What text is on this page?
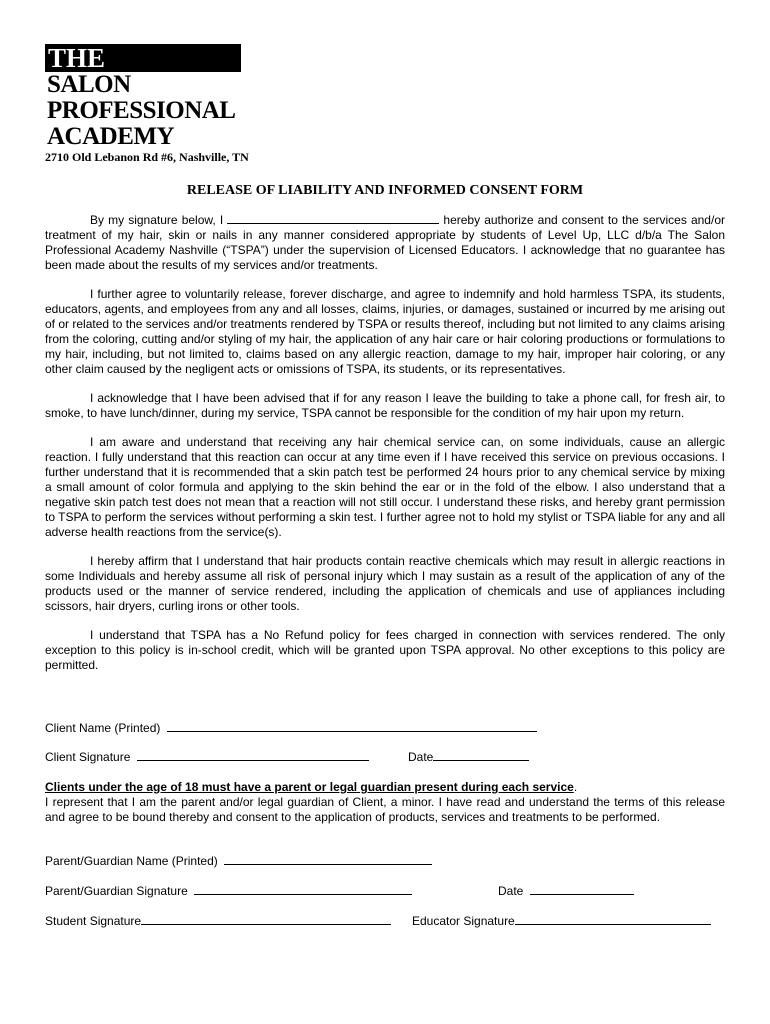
THE
SALON
PROFESSIONAL
ACADEMY
2710 Old Lebanon Rd #6, Nashville, TN
RELEASE OF LIABILITY AND INFORMED CONSENT FORM

By my signature below, I	hereby authorize and consent to the services and/or treatment of my hair, skin or nails in any manner considered appropriate by students of Level Up, LLC d/b/a The Salon Professional Academy Nashville (“TSPA”) under the supervision of Licensed Educators. I acknowledge that no guarantee has been made about the results of my services and/or treatments.

I further agree to voluntarily release, forever discharge, and agree to indemnify and hold harmless TSPA, its students, educators, agents, and employees from any and all losses, claims, injuries, or damages, sustained or incurred by me arising out of or related to the services and/or treatments rendered by TSPA or results thereof, including but not limited to any claims arising from the coloring, cutting and/or styling of my hair, the application of any hair care or hair coloring productions or formulations to my hair, including, but not limited to, claims based on any allergic reaction, damage to my hair, improper hair coloring, or any other claim caused by the negligent acts or omissions of TSPA, its students, or its representatives.

I acknowledge that I have been advised that if for any reason I leave the building to take a phone call, for fresh air, to smoke, to have lunch/dinner, during my service, TSPA cannot be responsible for the condition of my hair upon my return.

I am aware and understand that receiving any hair chemical service can, on some individuals, cause an allergic reaction. I fully understand that this reaction can occur at any time even if I have received this service on previous occasions. I further understand that it is recommended that a skin patch test be performed 24 hours prior to any chemical service by mixing a small amount of color formula and applying to the skin behind the ear or in the fold of the elbow. I also understand that a negative skin patch test does not mean that a reaction will not still occur. I understand these risks, and hereby grant permission to TSPA to perform the services without performing a skin test. I further agree not to hold my stylist or TSPA liable for any and all adverse health reactions from the service(s).

I hereby affirm that I understand that hair products contain reactive chemicals which may result in allergic reactions in some Individuals and hereby assume all risk of personal injury which I may sustain as a result of the application of any of the products used or the manner of service rendered, including the application of chemicals and use of appliances including scissors, hair dryers, curling irons or other tools.

I understand that TSPA has a No Refund policy for fees charged in connection with services rendered. The only exception to this policy is in-school credit, which will be granted upon TSPA approval. No other exceptions to this policy are permitted.

Client Name (Printed)
Client Signature	Date
Clients under the age of 18 must have a parent or legal guardian present during each service.
I represent that I am the parent and/or legal guardian of Client, a minor. I have read and understand the terms of this release and agree to be bound thereby and consent to the application of products, services and treatments to be performed.
Parent/Guardian Name (Printed)
Parent/Guardian Signature	Date
Student Signature	Educator Signature
